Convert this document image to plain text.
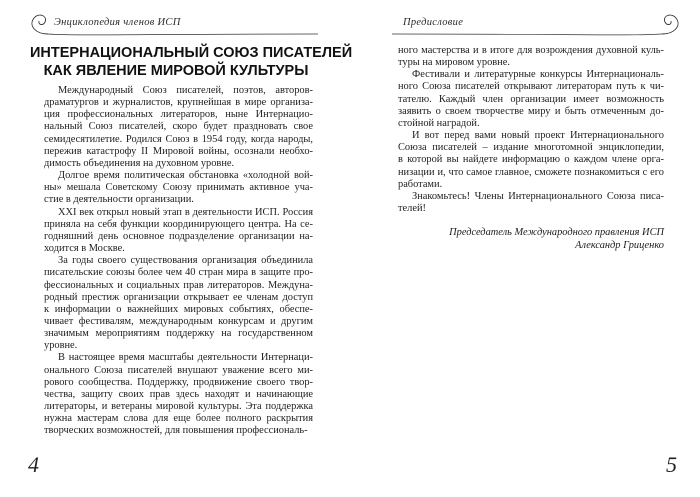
Энциклопедия членов ИСП
ИНТЕРНАЦИОНАЛЬНЫЙ СОЮЗ ПИСАТЕЛЕЙ
КАК ЯВЛЕНИЕ МИРОВОЙ КУЛЬТУРЫ
Международный Союз писателей, поэтов, авторов-
драматургов и журналистов, крупнейшая в мире организа-
ция профессиональных литераторов, ныне Интернацио-
нальный Союз писателей, скоро будет праздновать свое
семидесятилетие. Родился Союз в 1954 году, когда народы,
пережив катастрофу II Мировой войны, осознали необхо-
димость объединения на духовном уровне.
Долгое время политическая обстановка «холодной вой-
ны» мешала Советскому Союзу принимать активное уча-
стие в деятельности организации.
XXI век открыл новый этап в деятельности ИСП. Россия
приняла на себя функции координирующего центра. На се-
годняшний день основное подразделение организации на-
ходится в Москве.
За годы своего существования организация объединила
писательские союзы более чем 40 стран мира в защите про-
фессиональных и социальных прав литераторов. Междуна-
родный престиж организации открывает ее членам доступ
к информации о важнейших мировых событиях, обеспе-
чивает фестивалям, международным конкурсам и другим
значимым мероприятиям поддержку на государственном
уровне.
В настоящее время масштабы деятельности Интернаци-
онального Союза писателей внушают уважение всего ми-
рового сообщества. Поддержку, продвижение своего твор-
чества, защиту своих прав здесь находят и начинающие
литераторы, и ветераны мировой культуры. Эта поддержка
нужна мастерам слова для еще более полного раскрытия
творческих возможностей, для повышения профессиональ-
4
Предисловие
ного мастерства и в итоге для возрождения духовной куль-
туры на мировом уровне.
Фестивали и литературные конкурсы Интернациональ-
ного Союза писателей открывают литераторам путь к чи-
тателю. Каждый член организации имеет возможность
заявить о своем творчестве миру и быть отмеченным до-
стойной наградой.
И вот перед вами новый проект Интернационального
Союза писателей – издание многотомной энциклопедии,
в которой вы найдете информацию о каждом члене орга-
низации и, что самое главное, сможете познакомиться с его
работами.
Знакомьтесь! Члены Интернационального Союза писа-
телей!
Председатель Международного правления ИСП
Александр Гриценко
5
